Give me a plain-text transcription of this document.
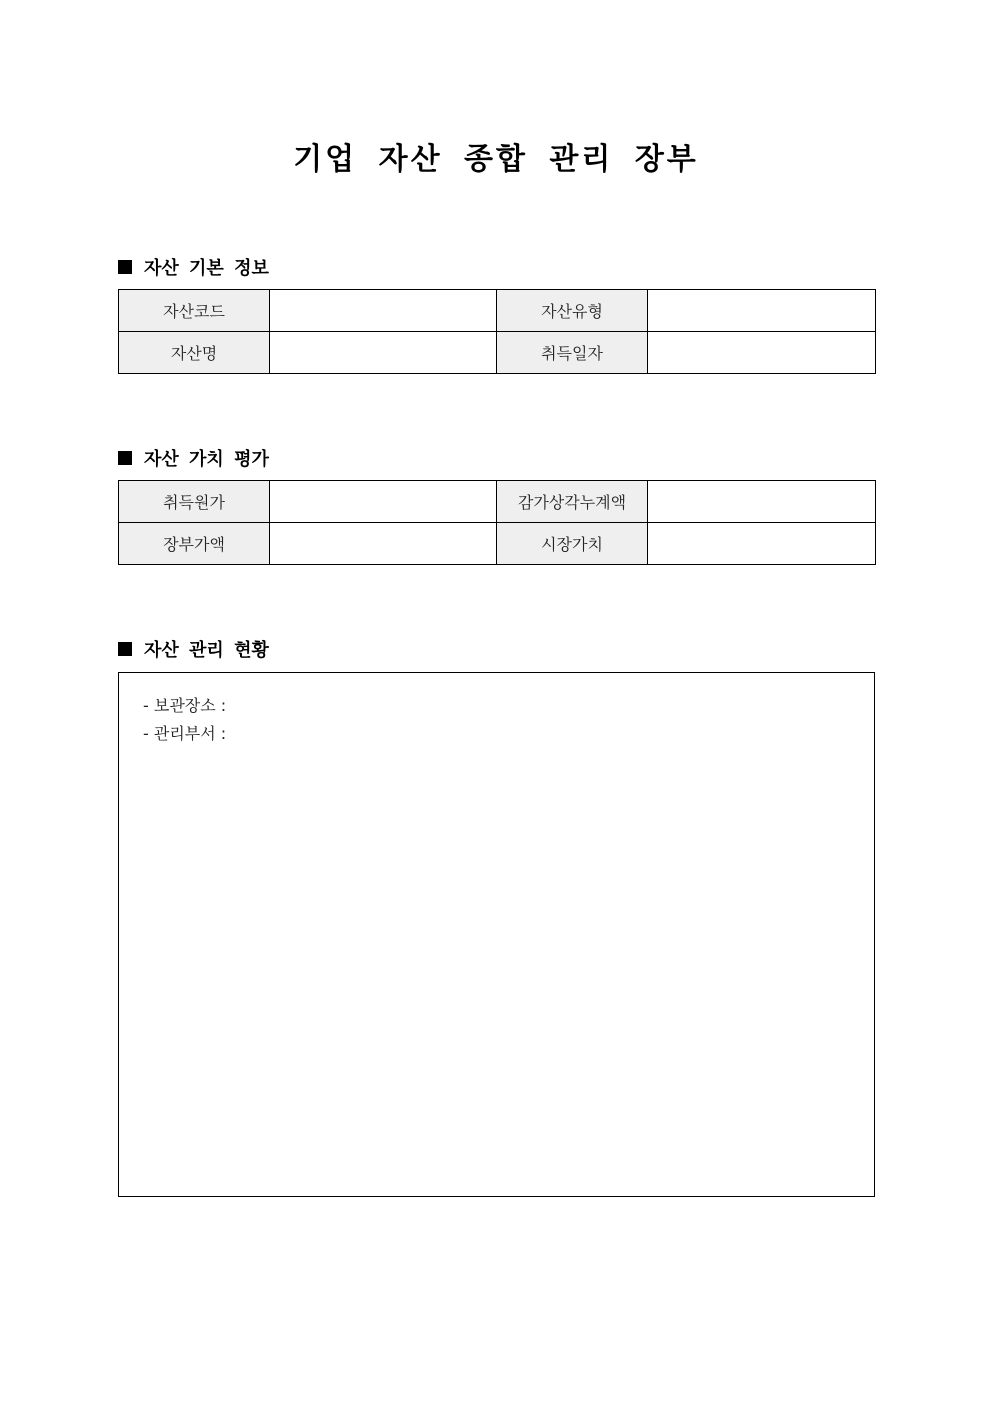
기업 자산 종합 관리 장부
자산 기본 정보
자산코드		자산유형	
자산명		취득일자	
자산 가치 평가
취득원가		감가상각누계액	
장부가액		시장가치	
자산 관리 현황
- 보관장소 :
- 관리부서 :
